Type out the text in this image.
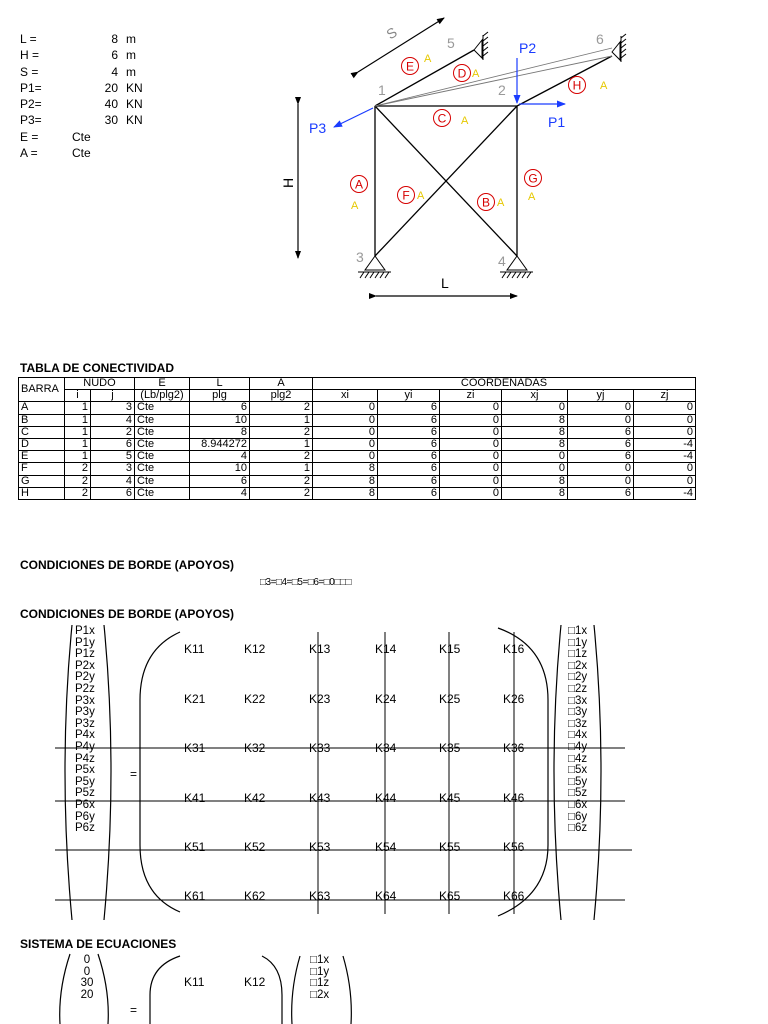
L =	8 m
H =	6 m
S =	4 m
P1=	20 KN
P2=	40 KN
P3=	30 KN
E =	Cte
A =	Cte
S
H
L
P2
P1
P3
1	2
3	4
5	6
E	D
C
H
A
F	B
G
A
A
A
A
A
A
A A
TABLA DE CONECTIVIDAD
BARRA	NUDO		E	L	A	COORDENADAS					
	i	j	(Lb/plg2)	plg	plg2	xi	yi	zi	xj	yj	zj
A	1	3	Cte	6	2	0	6	0	0	0	0
B	1	4	Cte	10	1	0	6	0	8	0	0
C	1	2	Cte	8	2	0	6	0	8	6	0
D	1	6	Cte	8.944272	1	0	6	0	8	6	-4
E	1	5	Cte	4	2	0	6	0	0	6	-4
F	2	3	Cte	10	1	8	6	0	0	0	0
G	2	4	Cte	6	2	8	6	0	8	0	0
H	2	6	Cte	4	2	8	6	0	8	6	-4
CONDICIONES DE BORDE (APOYOS)
□3=□4=□5=□6=□0□□□
CONDICIONES DE BORDE (APOYOS)
P1x
P1y
P1z
P2x
P2y
P2z
P3x
P3y
P3z
P4x
P4y
P4z
P5x
P5y
P5z
P6x
P6y
P6z
□1x
□1y
□1z
□2x
□2y
□2z
□3x
□3y
□3z
□4x
□4y
□4z
□5x
□5y
□5z
□6x
□6y
□6z
=
K11	K12	K13	K14	K15	K16
K21	K22	K23	K24	K25	K26
K31	K32	K33	K34	K35	K36
K41	K42	K43	K44	K45	K46
K51	K52	K53	K54	K55	K56
K61	K62	K63	K64	K65	K66
SISTEMA DE ECUACIONES
0
0
30
20
K11	K12
□1x
□1y
□1z
□2x
=
